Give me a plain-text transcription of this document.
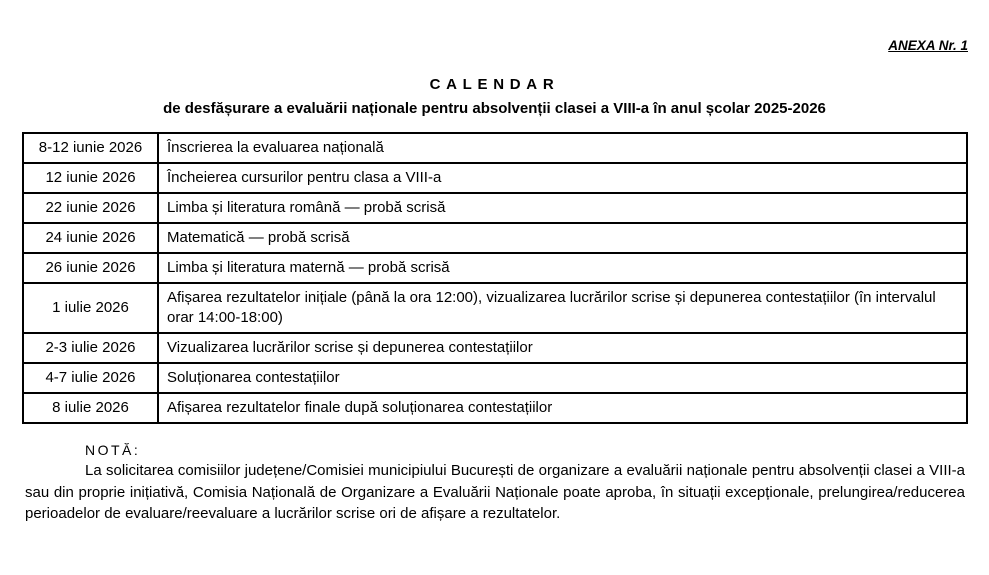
ANEXA Nr. 1
CALENDAR
de desfășurare a evaluării naționale pentru absolvenții clasei a VIII-a în anul școlar 2025-2026
8-12 iunie 2026	Înscrierea la evaluarea națională
12 iunie 2026	Încheierea cursurilor pentru clasa a VIII-a
22 iunie 2026	Limba și literatura română — probă scrisă
24 iunie 2026	Matematică — probă scrisă
26 iunie 2026	Limba și literatura maternă — probă scrisă
1 iulie 2026	Afișarea rezultatelor inițiale (până la ora 12:00), vizualizarea lucrărilor scrise și depunerea contestațiilor (în intervalul orar 14:00-18:00)
2-3 iulie 2026	Vizualizarea lucrărilor scrise și depunerea contestațiilor
4-7 iulie 2026	Soluționarea contestațiilor
8 iulie 2026	Afișarea rezultatelor finale după soluționarea contestațiilor
NOTĂ:
La solicitarea comisiilor județene/Comisiei municipiului București de organizare a evaluării naționale pentru absolvenții clasei a VIII-a sau din proprie inițiativă, Comisia Națională de Organizare a Evaluării Naționale poate aproba, în situații excepționale, prelungirea/reducerea perioadelor de evaluare/reevaluare a lucrărilor scrise ori de afișare a rezultatelor.
